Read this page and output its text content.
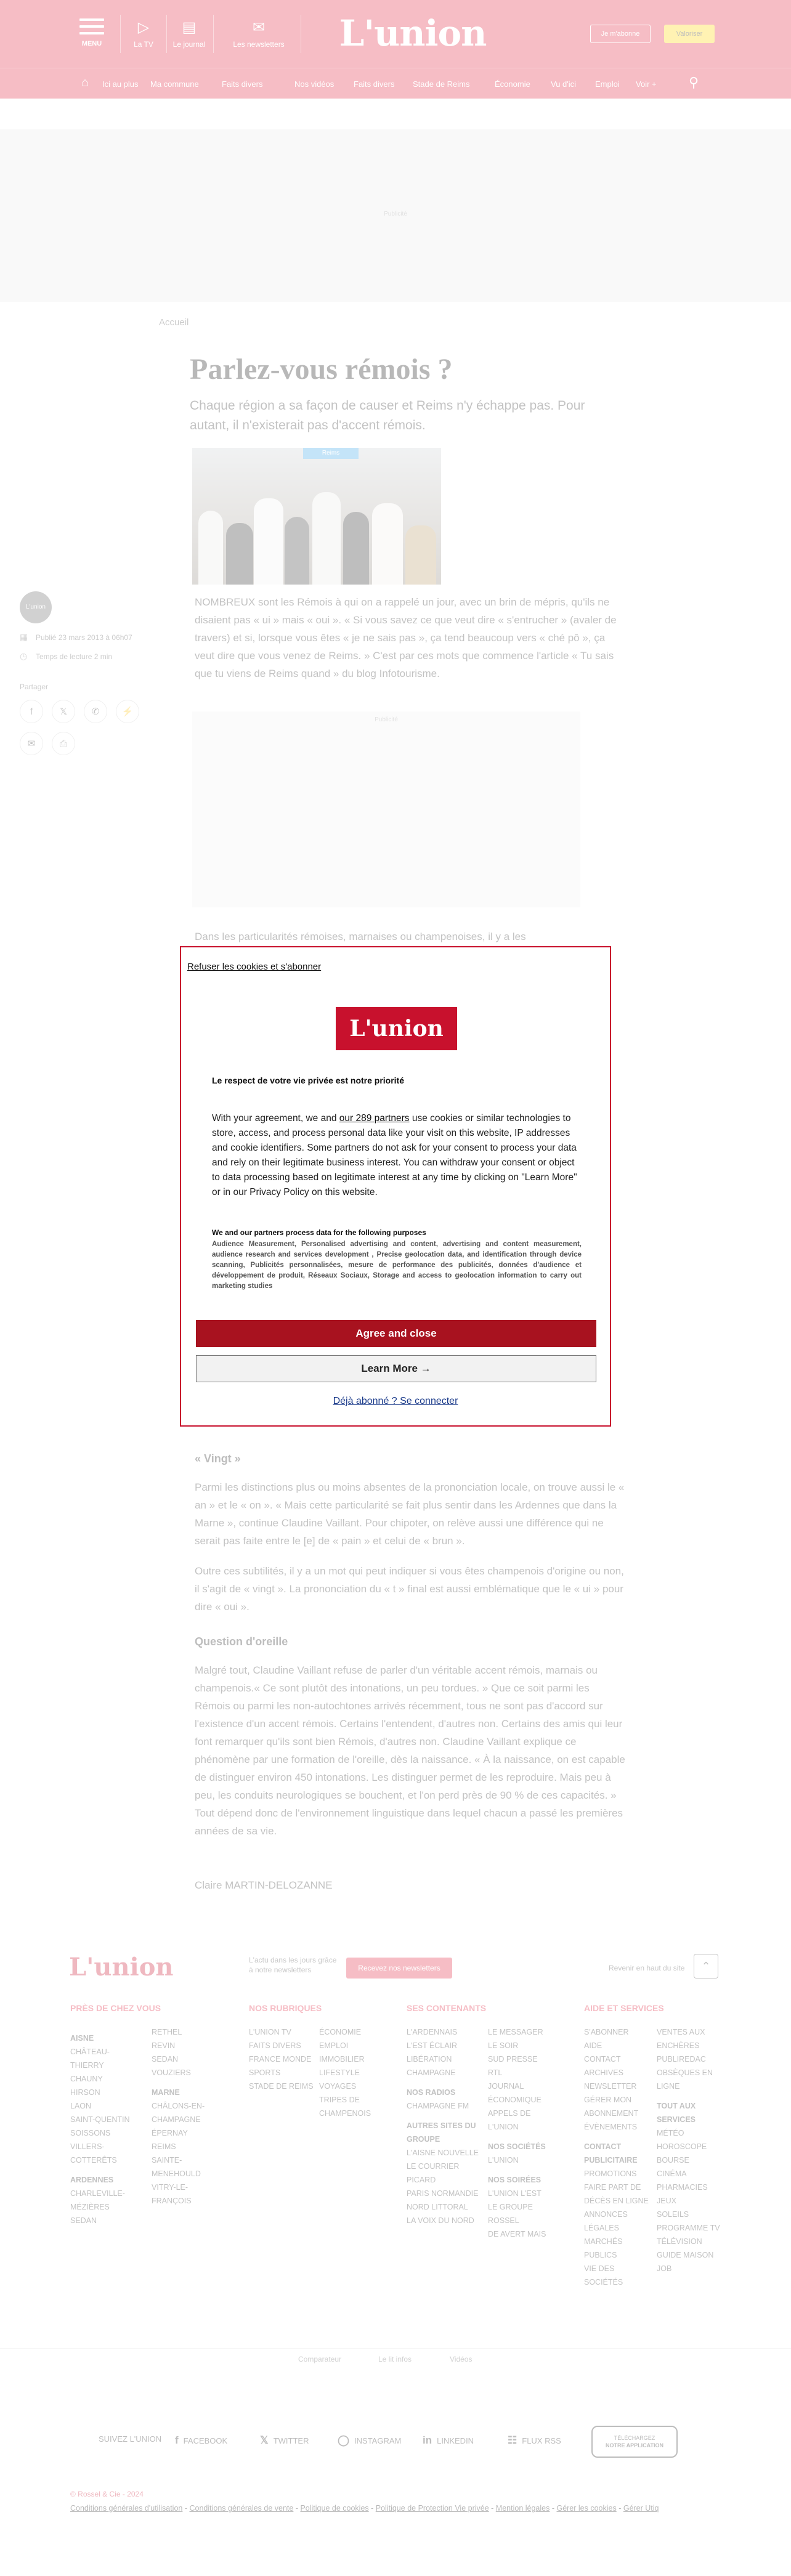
Refuser les cookies et s'abonner
L'union
Le respect de votre vie privée est notre priorité

With your agreement, we and our 289 partners use cookies or similar technologies to store, access, and process personal data like your visit on this website, IP addresses and cookie identifiers. Some partners do not ask for your consent to process your data and rely on their legitimate business interest. You can withdraw your consent or object to data processing based on legitimate interest at any time by clicking on "Learn More" or in our Privacy Policy on this website.

We and our partners process data for the following purposes
Audience Measurement, Personalised advertising and content, advertising and content measurement, audience research and services development , Precise geolocation data, and identification through device scanning, Publicités personnalisées, mesure de performance des publicités, données d'audience et développement de produit, Réseaux Sociaux, Storage and access to geolocation information to carry out marketing studies
Agree and close
Learn More →
Déjà abonné ? Se connecter
